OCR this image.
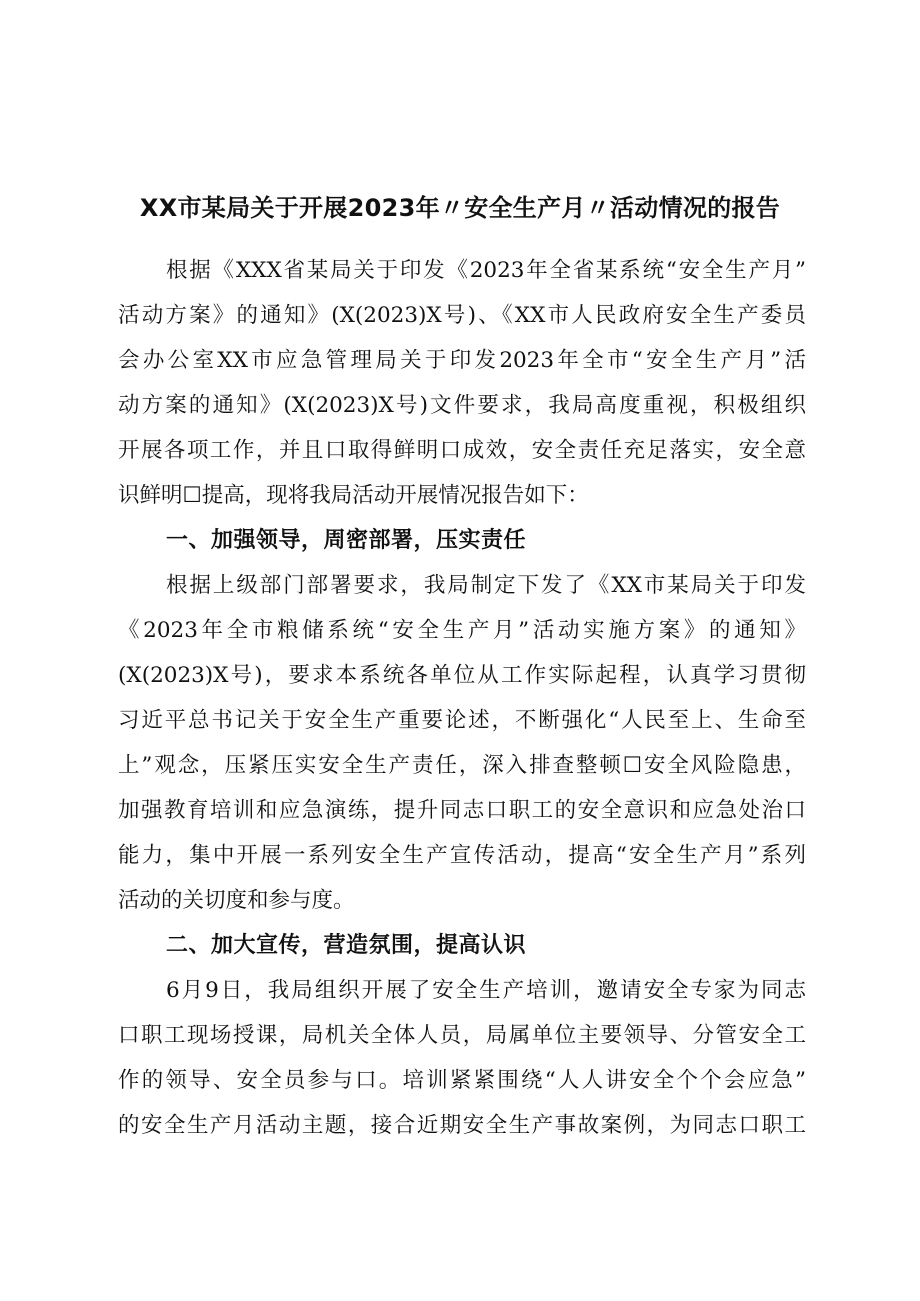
XX市某局关于开展2023年〃安全生产月〃活动情况的报告
根据《XXX省某局关于印发《2023年全省某系统“安全生产月”
活动方案》的通知》(X(2023)X号)、《XX市人民政府安全生产委员
会办公室XX市应急管理局关于印发2023年全市“安全生产月”活
动方案的通知》(X(2023)X号)文件要求，我局高度重视，积极组织
开展各项工作，并且口取得鲜明口成效，安全责任充足落实，安全意
识鲜明☐提高，现将我局活动开展情况报告如下：
一、加强领导，周密部署，压实责任
根据上级部门部署要求，我局制定下发了《XX市某局关于印发
《2023年全市粮储系统“安全生产月”活动实施方案》的通知》
(X(2023)X号)，要求本系统各单位从工作实际起程，认真学习贯彻
习近平总书记关于安全生产重要论述，不断强化“人民至上、生命至
上”观念，压紧压实安全生产责任，深入排查整顿☐安全风险隐患，
加强教育培训和应急演练，提升同志口职工的安全意识和应急处治口
能力，集中开展一系列安全生产宣传活动，提高“安全生产月”系列
活动的关切度和参与度。
二、加大宣传，营造氛围，提高认识
6月9日，我局组织开展了安全生产培训，邀请安全专家为同志
口职工现场授课，局机关全体人员，局属单位主要领导、分管安全工
作的领导、安全员参与口。培训紧紧围绕“人人讲安全个个会应急”
的安全生产月活动主题，接合近期安全生产事故案例，为同志口职工
